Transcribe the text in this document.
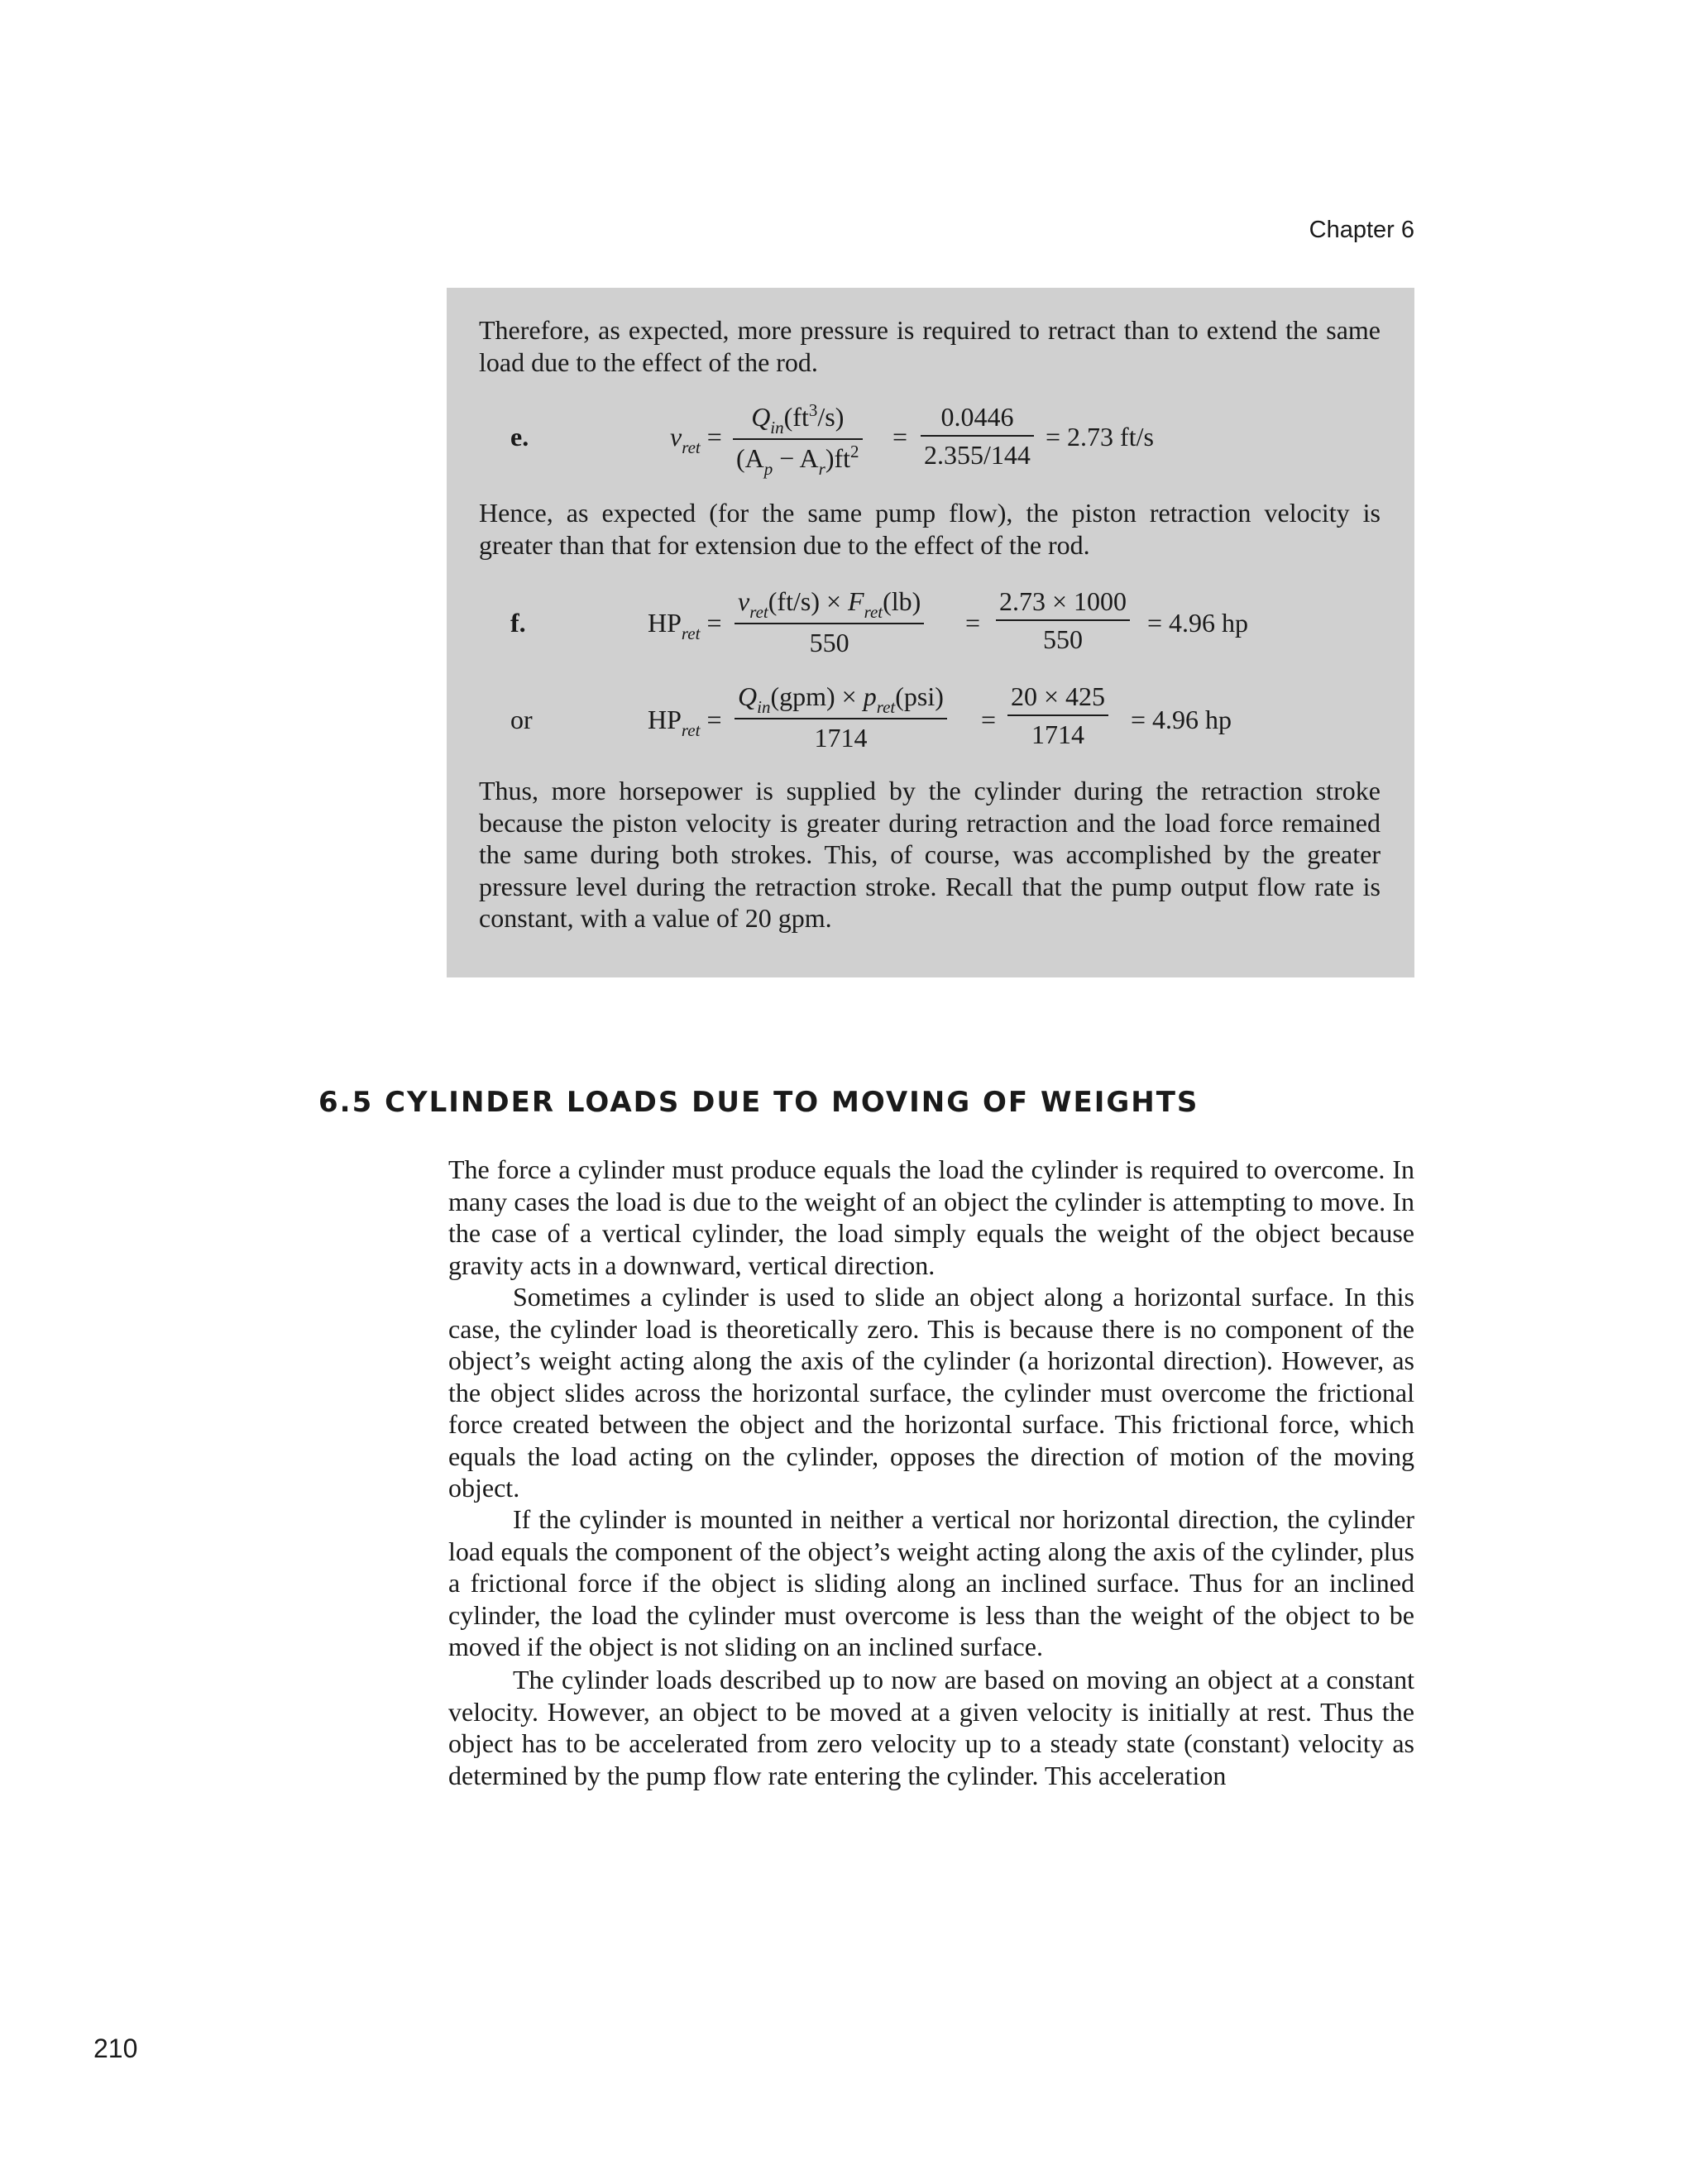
Chapter 6

Therefore, as expected, more pressure is required to retract than to extend the same load due to the effect of the rod.

e.	$v_{ret}$ =
$Q_{in}(ft^3/s)$
$(A_p - A_r)ft^2$ =
0.0446
2.355/144
= 2.73 ft/s

Hence, as expected (for the same pump flow), the piston retraction velocity is greater than that for extension due to the effect of the rod.

f.	$HP_{ret}$ =
$v_{ret}(ft/s) \times F_{ret}(lb)$
550
=
2.73 × 1000
550
= 4.96 hp
or	$HP_{ret}$ =
$Q_{in}(gpm) \times p_{ret}(psi)$
1714
=
20 × 425
1714	= 4.96 hp

Thus, more horsepower is supplied by the cylinder during the retraction stroke because the piston velocity is greater during retraction and the load force remained the same during both strokes. This, of course, was accomplished by the greater pressure level during the retraction stroke. Recall that the pump output flow rate is constant, with a value of 20 gpm.

6.5 CYLINDER LOADS DUE TO MOVING OF WEIGHTS

The force a cylinder must produce equals the load the cylinder is required to overcome. In many cases the load is due to the weight of an object the cylinder is attempting to move. In the case of a vertical cylinder, the load simply equals the weight of the object because gravity acts in a downward, vertical direction.

Sometimes a cylinder is used to slide an object along a horizontal surface. In this case, the cylinder load is theoretically zero. This is because there is no component of the object’s weight acting along the axis of the cylinder (a horizontal direction). However, as the object slides across the horizontal surface, the cylinder must overcome the frictional force created between the object and the horizontal surface. This frictional force, which equals the load acting on the cylinder, opposes the direction of motion of the moving object.

If the cylinder is mounted in neither a vertical nor horizontal direction, the cylinder load equals the component of the object’s weight acting along the axis of the cylinder, plus a frictional force if the object is sliding along an inclined surface. Thus for an inclined cylinder, the load the cylinder must overcome is less than the weight of the object to be moved if the object is not sliding on an inclined surface.

The cylinder loads described up to now are based on moving an object at a constant velocity. However, an object to be moved at a given velocity is initially at rest. Thus the object has to be accelerated from zero velocity up to a steady state (constant) velocity as determined by the pump flow rate entering the cylinder. This acceleration

210
